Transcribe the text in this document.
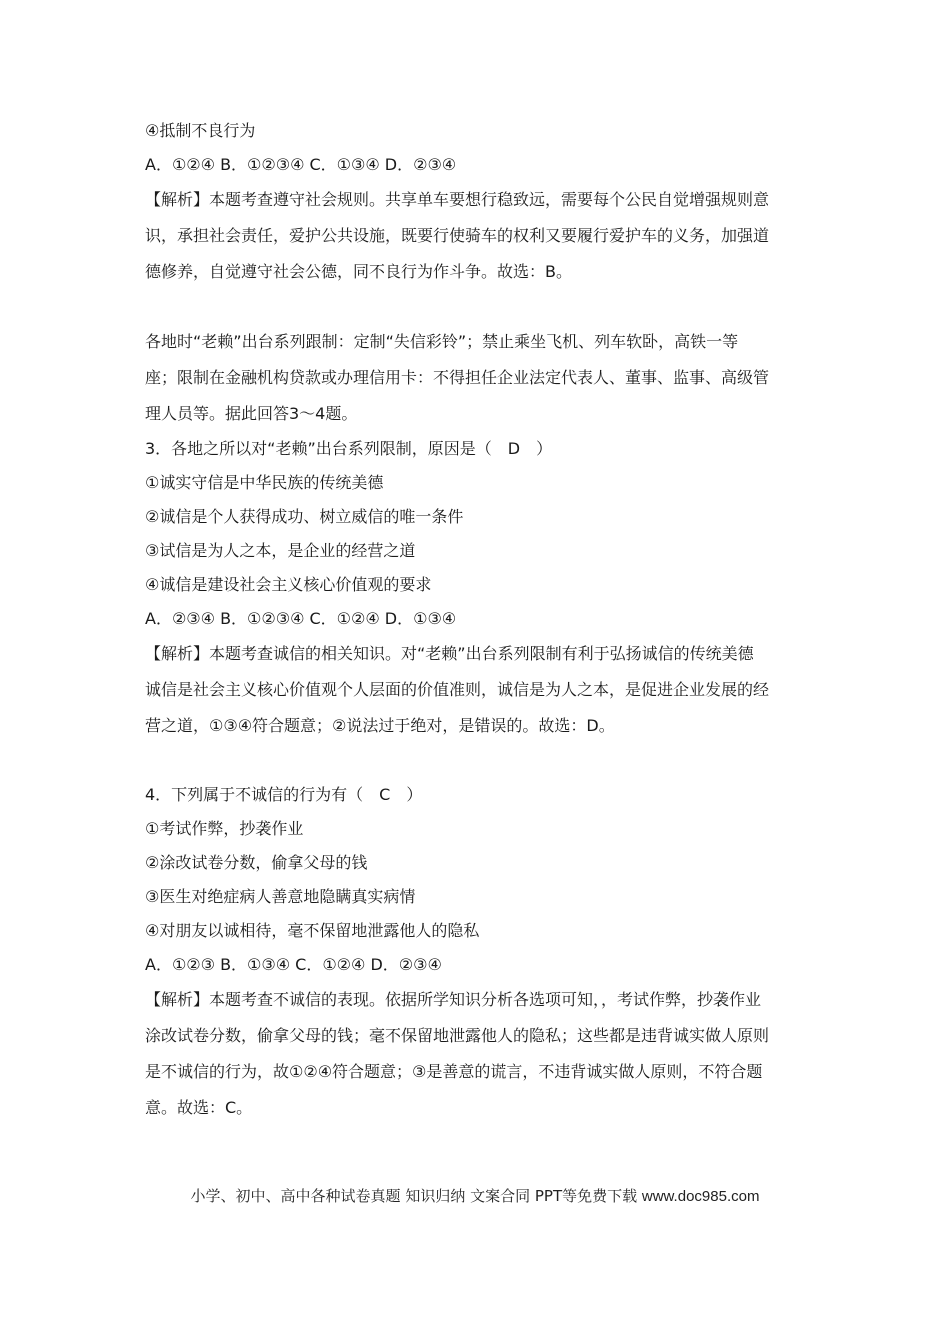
④抵制不良行为
A．①②④ B．①②③④ C．①③④ D．②③④
【解析】本题考查遵守社会规则。共享单车要想行稳致远，需要每个公民自觉增强规则意
识，承担社会责任，爱护公共设施，既要行使骑车的权利又要履行爱护车的义务，加强道
德修养，自觉遵守社会公德，同不良行为作斗争。故选：B。
各地时“老赖”出台系列跟制：定制“失信彩铃”；禁止乘坐飞机、列车软卧，高铁一等
座；限制在金融机构贷款或办理信用卡：不得担任企业法定代表人、董事、监事、高级管
理人员等。据此回答3～4题。
3．各地之所以对“老赖”出台系列限制，原因是（　D　）
①诚实守信是中华民族的传统美德
②诚信是个人获得成功、树立威信的唯一条件
③试信是为人之本，是企业的经营之道
④诚信是建设社会主义核心价值观的要求
A．②③④ B．①②③④ C．①②④ D．①③④
【解析】本题考查诚信的相关知识。对“老赖”出台系列限制有利于弘扬诚信的传统美德
诚信是社会主义核心价值观个人层面的价值准则，诚信是为人之本，是促进企业发展的经
营之道，①③④符合题意；②说法过于绝对，是错误的。故选：D。
4．下列属于不诚信的行为有（　C　）
①考试作弊，抄袭作业
②涂改试卷分数，偷拿父母的钱
③医生对绝症病人善意地隐瞒真实病情
④对朋友以诚相待，毫不保留地泄露他人的隐私
A．①②③ B．①③④ C．①②④ D．②③④
【解析】本题考查不诚信的表现。依据所学知识分析各选项可知，，考试作弊，抄袭作业
涂改试卷分数，偷拿父母的钱；毫不保留地泄露他人的隐私；这些都是违背诚实做人原则
是不诚信的行为，故①②④符合题意；③是善意的谎言，不违背诚实做人原则，不符合题
意。故选：C。
小学、初中、高中各种试卷真题 知识归纳 文案合同 PPT等免费下载 www.doc985.com
